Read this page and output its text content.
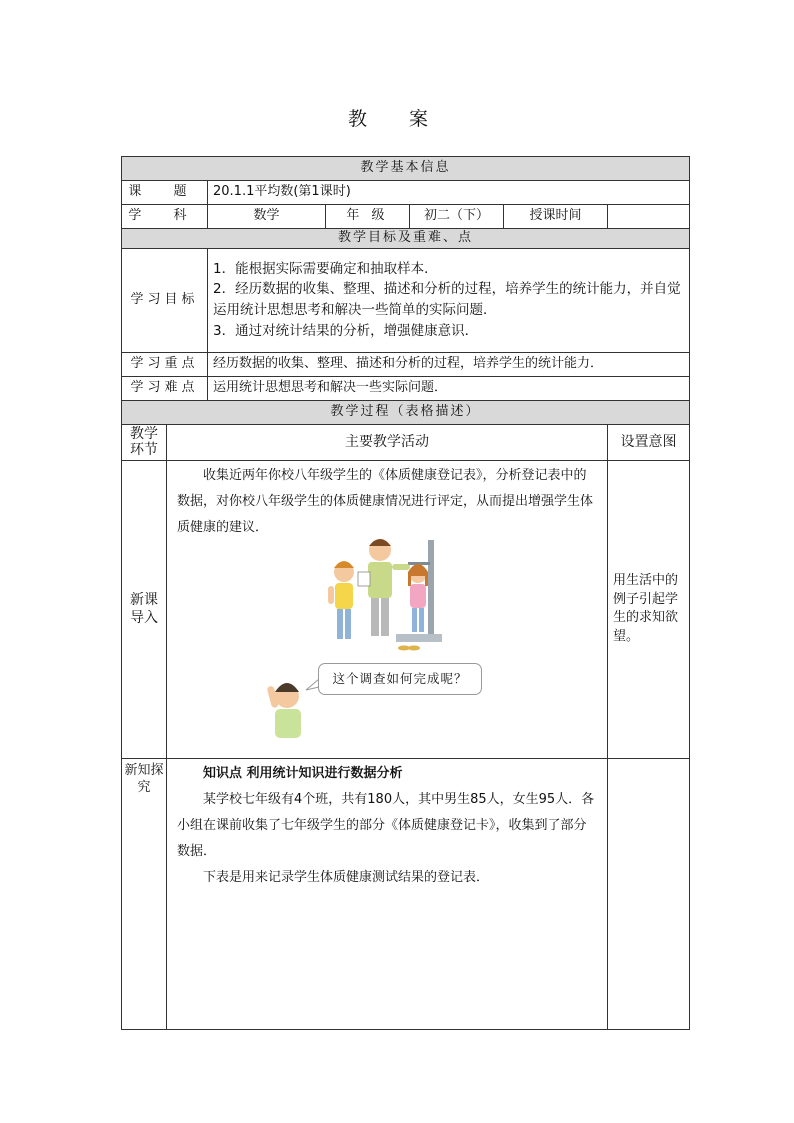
教 案
教学基本信息						
课 题		20.1.1平均数(第1课时)				
学 科		数学	年 级	初二（下）	授课时间	
教学目标及重难、点						
学习目标		1．能根据实际需要确定和抽取样本．

2．经历数据的收集、整理、描述和分析的过程，培养学生的统计能力，并自觉运用统计思想思考和解决一些简单的实际问题．

3．通过对统计结果的分析，增强健康意识．				

学习重点		经历数据的收集、整理、描述和分析的过程，培养学生的统计能力．				
学习难点		运用统计思想思考和解决一些实际问题．				
教学过程（表格描述）						
教学环节	主要教学活动					设置意图
新课导入	收集近两年你校八年级学生的《体质健康登记表》，分析登记表中的数据，对你校八年级学生的体质健康情况进行评定，从而提出增强学生体质健康的建议．					用生活中的例子引起学生的求知欲望。
新知探究	知识点 利用统计知识进行数据分析

某学校七年级有4个班，共有180人，其中男生85人，女生95人．各小组在课前收集了七年级学生的部分《体质健康登记卡》，收集到了部分数据．

下表是用来记录学生体质健康测试结果的登记表．					

这个调查如何完成呢？
